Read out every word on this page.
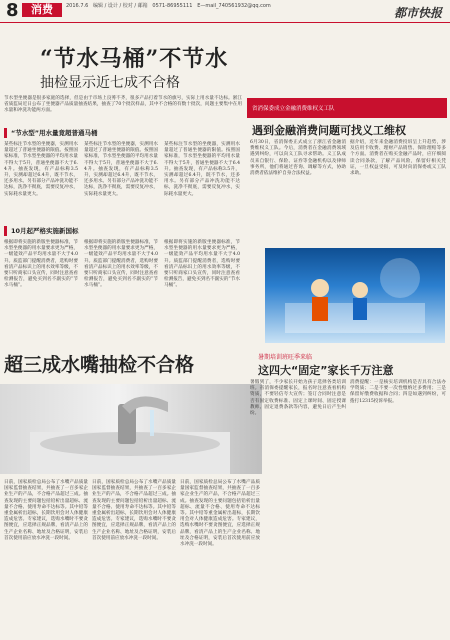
8	消费	2016.7.6 编辑 / 设计 / 校对 / 邮箱 0571-86955111 E—mail_740561932@qq.com	都市快报
“节水马桶”不节水
抽检显示近七成不合格
节水型坐便器是很多家庭的选择，但是由于市场上良莠不齐，很多产品打着节水的旗号，实际上用水量不达标。浙江省质监局近日公布了坐便器产品质量抽查结果，抽查了70个批次样品，其中不合格的有数十批次，问题主要集中在用水量和冲洗功能两方面。
“节水型”用水量竟超普通马桶
某些标注节水型的坐便器，实测用水量超过了普通坐便器的限值。按照国家标准，节水型坐便器的平均用水量不得大于5升，普通坐便器不大于6.4升。抽查发现，有产品标称3.5升，实测却超过6.4升，既不节水，还多用水。另有部分产品冲洗功能不达标，洗净不彻底，需要反复冲水，实际耗水量更大。
某些标注节水型的坐便器，实测用水量超过了普通坐便器的限值。按照国家标准，节水型坐便器的平均用水量不得大于5升，普通坐便器不大于6.4升。抽查发现，有产品标称3.5升，实测却超过6.4升，既不节水，还多用水。另有部分产品冲洗功能不达标，洗净不彻底，需要反复冲水，实际耗水量更大。
某些标注节水型的坐便器，实测用水量超过了普通坐便器的限值。按照国家标准，节水型坐便器的平均用水量不得大于5升，普通坐便器不大于6.4升。抽查发现，有产品标称3.5升，实测却超过6.4升，既不节水，还多用水。另有部分产品冲洗功能不达标，洗净不彻底，需要反复冲水，实际耗水量更大。
10月起严格实施新国标
根据即将实施的新版坐便器标准，节水型坐便器的用水量要求更为严格，一级能效产品平均用水量不大于4.0升。质监部门提醒消费者，选购时要看清产品标识上的用水效率等级，不要只听商家口头宣传，同时注意查看检测报告，避免买到名不副实的“节水马桶”。
根据即将实施的新版坐便器标准，节水型坐便器的用水量要求更为严格，一级能效产品平均用水量不大于4.0升。质监部门提醒消费者，选购时要看清产品标识上的用水效率等级，不要只听商家口头宣传，同时注意查看检测报告，避免买到名不副实的“节水马桶”。
根据即将实施的新版坐便器标准，节水型坐便器的用水量要求更为严格，一级能效产品平均用水量不大于4.0升。质监部门提醒消费者，选购时要看清产品标识上的用水效率等级，不要只听商家口头宣传，同时注意查看检测报告，避免买到名不副实的“节水马桶”。
超三成水嘴抽检不合格
日前，国家质检总局公布了水嘴产品质量国家监督抽查结果，共抽查了一百多家企业生产的产品，不合格产品超过三成。抽查发现的主要问题包括铅析出量超标、流量不合格、使用寿命不达标等。其中铅等重金属析出超标，长期饮用会对人体健康造成危害。专家建议，选购水嘴时不要贪图便宜，应选择正规品牌，看清产品上的生产企业名称、地址及合格证明，安装后首次使用前应放水冲洗一段时间。
日前，国家质检总局公布了水嘴产品质量国家监督抽查结果，共抽查了一百多家企业生产的产品，不合格产品超过三成。抽查发现的主要问题包括铅析出量超标、流量不合格、使用寿命不达标等。其中铅等重金属析出超标，长期饮用会对人体健康造成危害。专家建议，选购水嘴时不要贪图便宜，应选择正规品牌，看清产品上的生产企业名称、地址及合格证明，安装后首次使用前应放水冲洗一段时间。
日前，国家质检总局公布了水嘴产品质量国家监督抽查结果，共抽查了一百多家企业生产的产品，不合格产品超过三成。抽查发现的主要问题包括铅析出量超标、流量不合格、使用寿命不达标等。其中铅等重金属析出超标，长期饮用会对人体健康造成危害。专家建议，选购水嘴时不要贪图便宜，应选择正规品牌，看清产品上的生产企业名称、地址及合格证明，安装后首次使用前应放水冲洗一段时间。
省消保委成立金融消费维权义工队
遇到金融消费问题可找义工维权
6月30日，省消保委正式成立了浙江省金融消费维权义工队。今后，消费者在金融消费领域遇到纠纷，可以向义工队寻求帮助。义工队成员来自银行、保险、证券等金融机构以及律师事务所，他们将通过咨询、调解等方式，协助消费者依法维护自身合法权益。
据介绍，近年来金融消费投诉呈上升趋势，涉及信用卡收费、理财产品销售、保险理赔等多个方面。消费者在购买金融产品时，应仔细阅读合同条款，了解产品风险，保留好相关凭证，一旦权益受损，可及时向消保委或义工队求助。
暑期培训班旺季来临
这四大“固定”家长千万注意
暑假到了，不少家长开始为孩子选择各类培训班。省消保委提醒家长，报名时注意查看机构资质，不要轻信夸大宣传；签订合同时注意是否有固定收费标准、固定上课时间、固定授课教师、固定退费条款等内容，避免日后产生纠纷。
消费提醒：一是核实培训机构是否具有合法办学资质；二是不要一次性缴纳过多费用；三是保留好缴费收据和合同；四是如遇到纠纷，可拨打12315投诉举报。
